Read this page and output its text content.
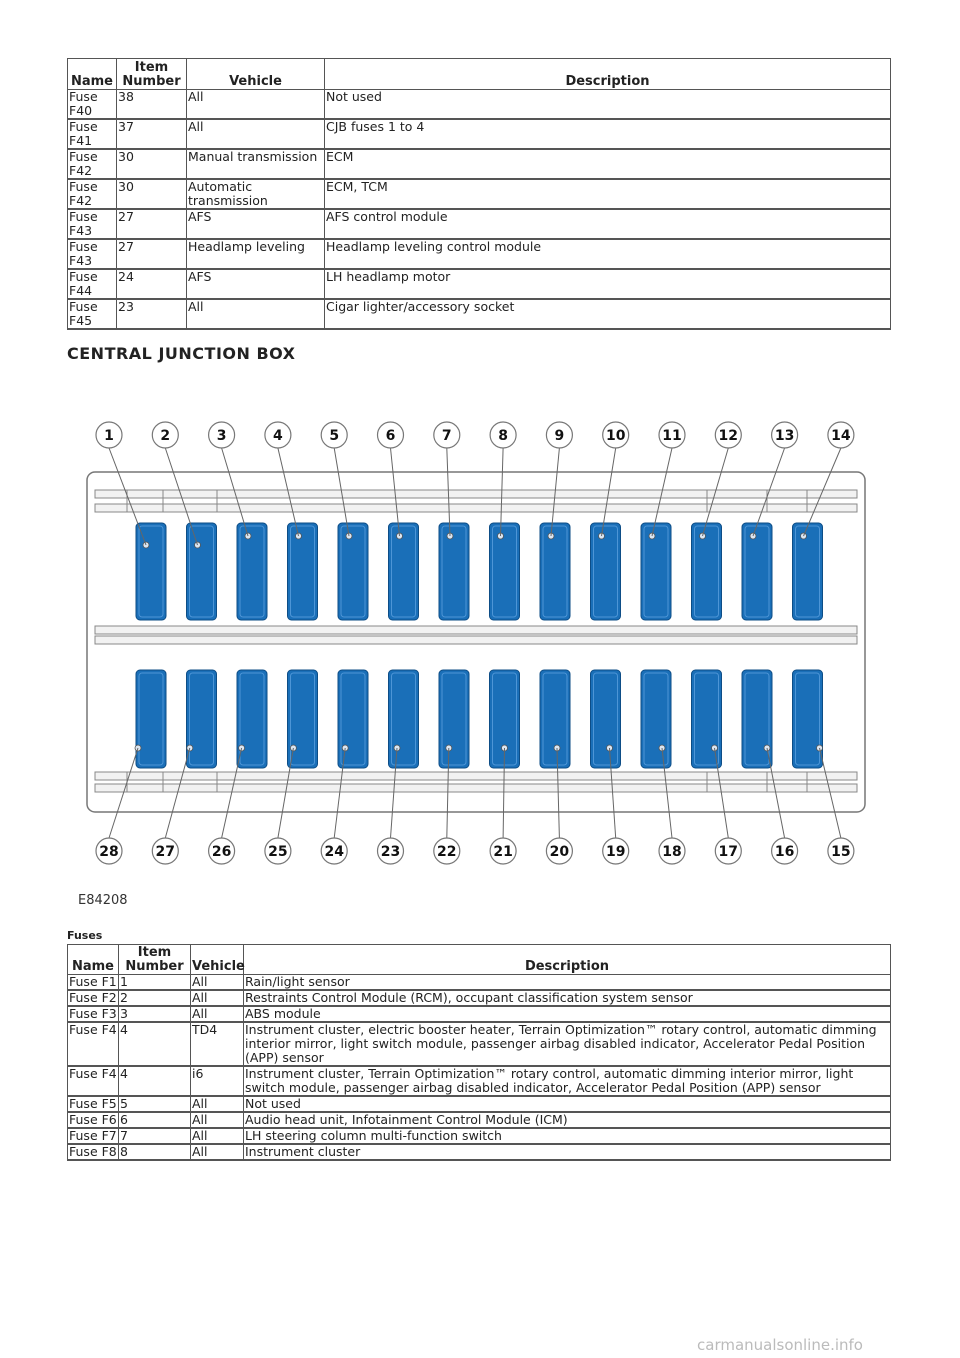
Name	Item Number	Vehicle	Description
Fuse F40	38	All	Not used
Fuse F41	37	All	CJB fuses 1 to 4
Fuse F42	30	Manual transmission	ECM
Fuse F42	30	Automatic transmission	ECM, TCM
Fuse F43	27	AFS	AFS control module
Fuse F43	27	Headlamp leveling	Headlamp leveling control module
Fuse F44	24	AFS	LH headlamp motor
Fuse F45	23	All	Cigar lighter/accessory socket
CENTRAL JUNCTION BOX
1
28
2
27
3
26
4
25
5
24
6
23
7
22
8
21
9
20
10
19
11
18
12
17
13
16
14
15
E84208
Fuses
Name	Item Number	Vehicle	Description
Fuse F1	1	All	Rain/light sensor
Fuse F2	2	All	Restraints Control Module (RCM), occupant classification system sensor
Fuse F3	3	All	ABS module
Fuse F4	4	TD4	Instrument cluster, electric booster heater, Terrain Optimization™ rotary control, automatic dimming interior mirror, light switch module, passenger airbag disabled indicator, Accelerator Pedal Position (APP) sensor
Fuse F4	4	i6	Instrument cluster, Terrain Optimization™ rotary control, automatic dimming interior mirror, light switch module, passenger airbag disabled indicator, Accelerator Pedal Position (APP) sensor
Fuse F5	5	All	Not used
Fuse F6	6	All	Audio head unit, Infotainment Control Module (ICM)
Fuse F7	7	All	LH steering column multi-function switch
Fuse F8	8	All	Instrument cluster
carmanualsonline.info
